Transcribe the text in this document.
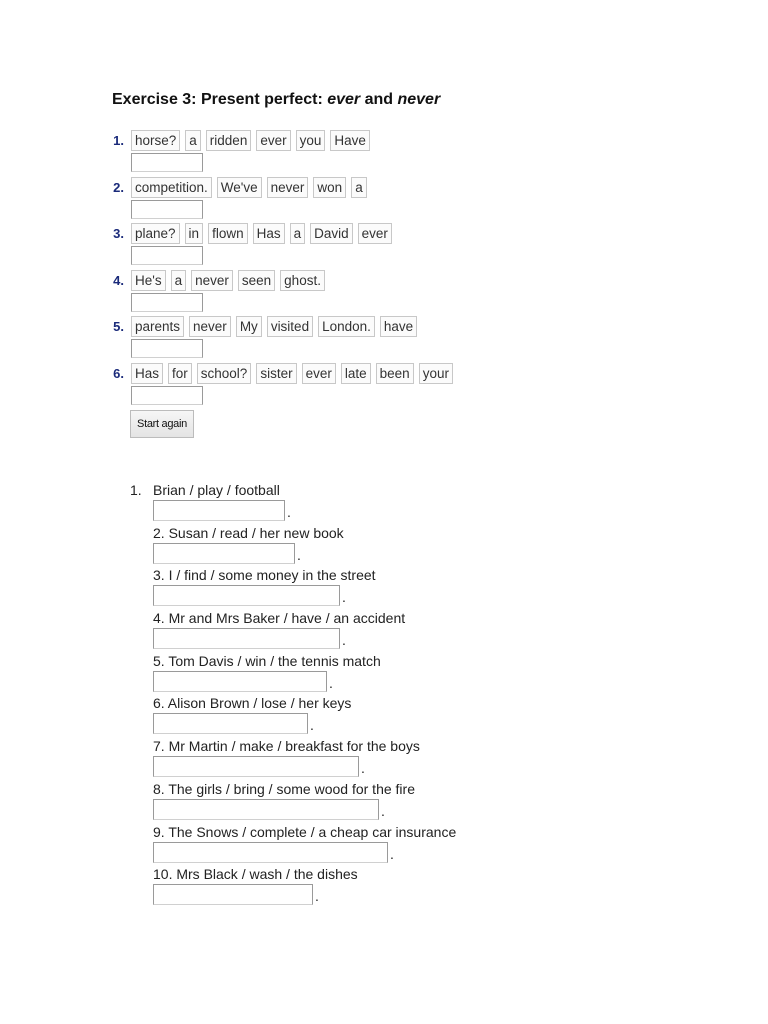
Exercise 3: Present perfect: ever and never
1. horse? a ridden ever you Have
2. competition. We've never won a
3. plane? in flown Has a David ever
4. He's a never seen ghost.
5. parents never My visited London. have
6. Has for school? sister ever late been your
Start again
1. Brian / play / football
.
2. Susan / read / her new book
.
3. I / find / some money in the street
.
4. Mr and Mrs Baker / have / an accident
.
5. Tom Davis / win / the tennis match
.
6. Alison Brown / lose / her keys
.
7. Mr Martin / make / breakfast for the boys
.
8. The girls / bring / some wood for the fire
.
9. The Snows / complete / a cheap car insurance
.
10. Mrs Black / wash / the dishes
.
